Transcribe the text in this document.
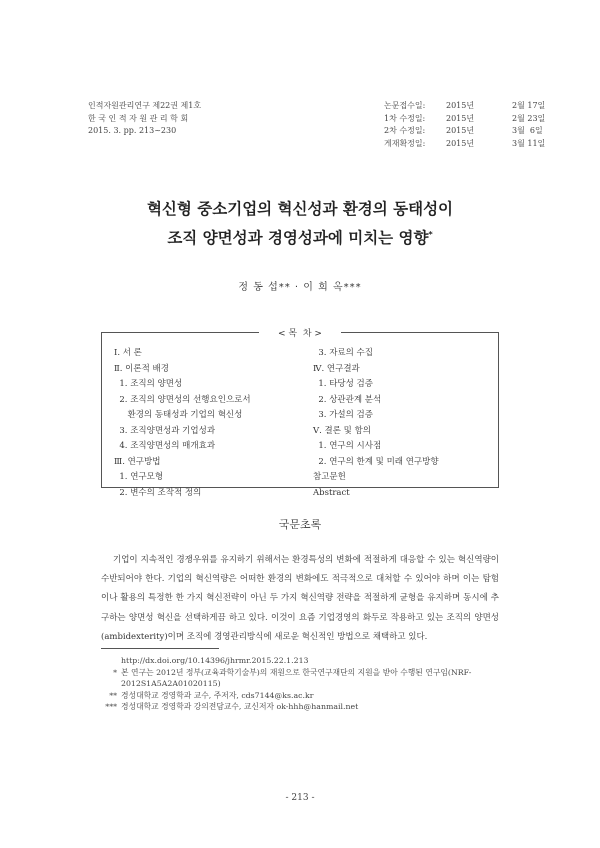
인적자원관리연구 제22권 제1호
한 국 인 적 자 원 관 리 학 회
2015. 3. pp. 213~230
논문접수일:	2015년	2월 17일
1차 수정일:	2015년	2월 23일
2차 수정일:	2015년	3월  6일
게재확정일:	2015년	3월 11일
혁신형 중소기업의 혁신성과 환경의 동태성이
조직 양면성과 경영성과에 미치는 영향*
정 동 섭** · 이 희 옥***
< 목  차 >
Ⅰ. 서 론
Ⅱ. 이론적 배경
1. 조직의 양면성
2. 조직의 양면성의 선행요인으로서
환경의 동태성과 기업의 혁신성
3. 조직양면성과 기업성과
4. 조직양면성의 매개효과
Ⅲ. 연구방법
1. 연구모형
2. 변수의 조작적 정의
3. 자료의 수집
Ⅳ. 연구결과
1. 타당성 검증
2. 상관관계 분석
3. 가설의 검증
Ⅴ. 결론 및 함의
1. 연구의 시사점
2. 연구의 한계 및 미래 연구방향
참고문헌
Abstract
국문초록
기업이 지속적인 경쟁우위를 유지하기 위해서는 환경특성의 변화에 적절하게 대응할 수 있는 혁신역량이 수반되어야 한다. 기업의 혁신역량은 어떠한 환경의 변화에도 적극적으로 대처할 수 있어야 하며 이는 탐험이나 활용의 특정한 한 가지 혁신전략이 아닌 두 가지 혁신역량 전략을 적절하게 균형을 유지하며 동시에 추구하는 양면성 혁신을 선택하게끔 하고 있다. 이것이 요즘 기업경영의 화두로 작용하고 있는 조직의 양면성(ambidexterity)이며 조직에 경영관리방식에 새로운 혁신적인 방법으로 채택하고 있다.
http://dx.doi.org/10.14396/jhrmr.2015.22.1.213
* 본 연구는 2012년 정부(교육과학기술부)의 재원으로 한국연구재단의 지원을 받아 수행된 연구임(NRF-2012S1A5A2A01020115)
** 경성대학교 경영학과 교수, 주저자, cds7144@ks.ac.kr
*** 경성대학교 경영학과 강의전담교수, 교신저자 ok-hhh@hanmail.net
- 213 -
